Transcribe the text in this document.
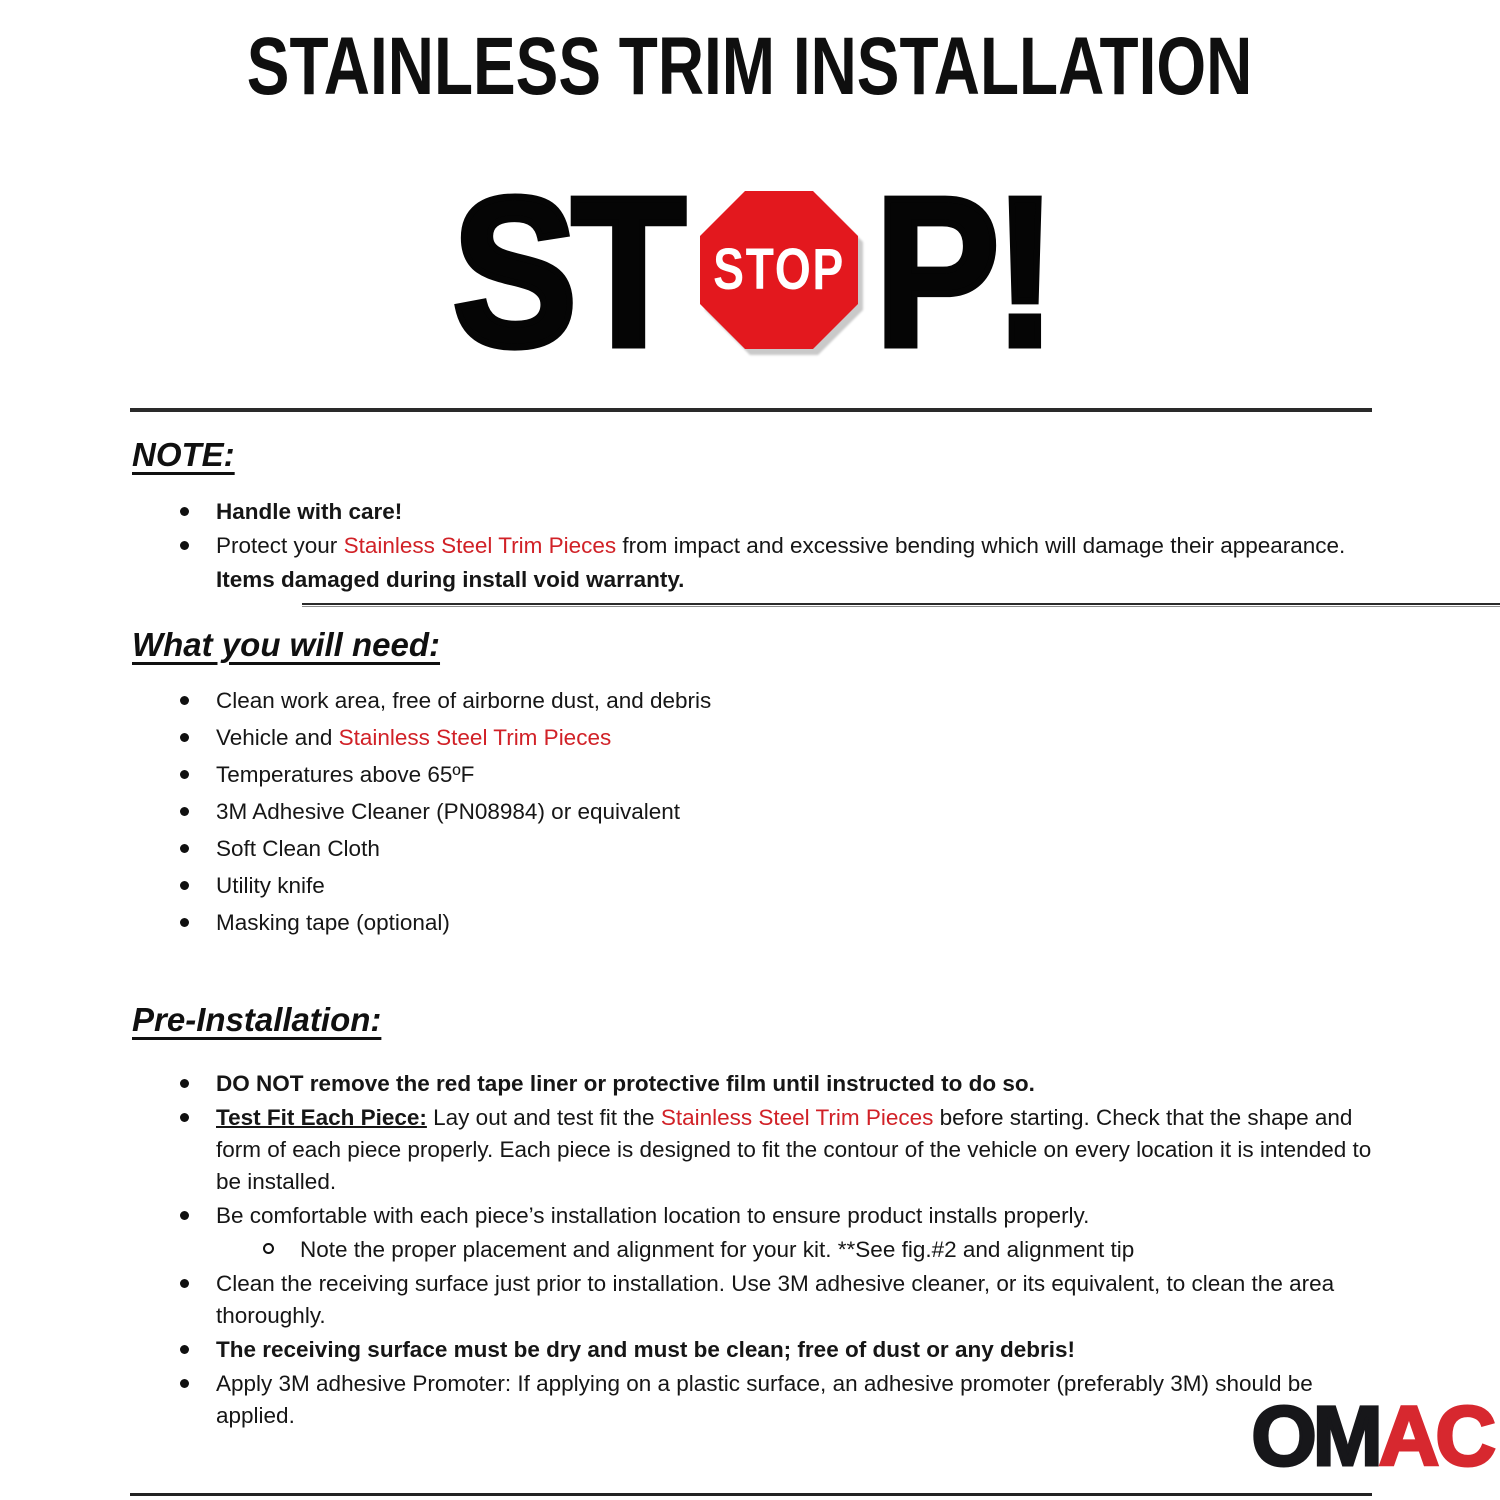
STAINLESS TRIM INSTALLATION
ST STOP P!
NOTE:
Handle with care!
Protect your Stainless Steel Trim Pieces from impact and excessive bending which will damage their appearance. Items damaged during install void warranty.
What you will need:
Clean work area, free of airborne dust, and debris
Vehicle and Stainless Steel Trim Pieces
Temperatures above 65ºF
3M Adhesive Cleaner (PN08984) or equivalent
Soft Clean Cloth
Utility knife
Masking tape (optional)
Pre-Installation:
DO NOT remove the red tape liner or protective film until instructed to do so.
Test Fit Each Piece: Lay out and test fit the Stainless Steel Trim Pieces before starting. Check that the shape and form of each piece properly. Each piece is designed to fit the contour of the vehicle on every location it is intended to be installed.
Be comfortable with each piece’s installation location to ensure product installs properly.
Note the proper placement and alignment for your kit. **See fig.#2 and alignment tip
Clean the receiving surface just prior to installation. Use 3M adhesive cleaner, or its equivalent, to clean the area thoroughly.
The receiving surface must be dry and must be clean; free of dust or any debris!
Apply 3M adhesive Promoter: If applying on a plastic surface, an adhesive promoter (preferably 3M) should be applied.	OMAC
